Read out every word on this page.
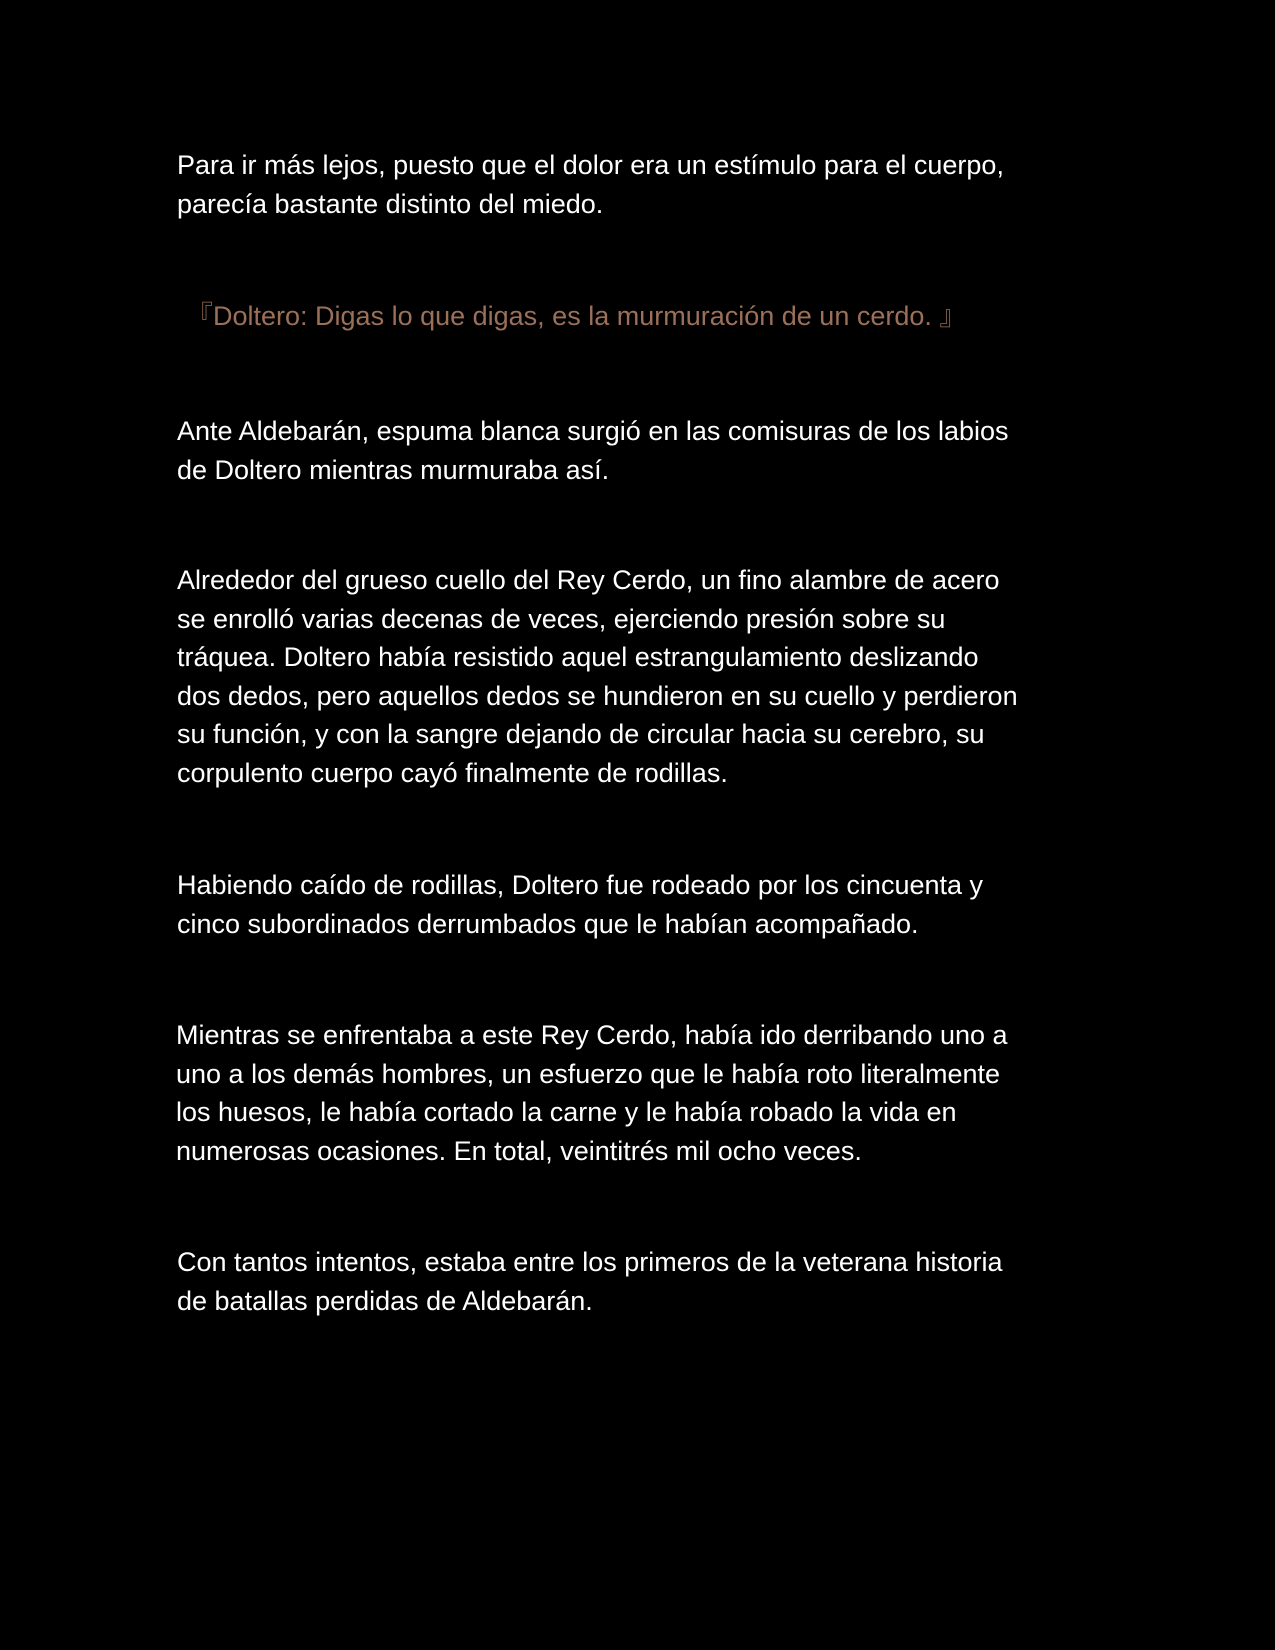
Para ir más lejos, puesto que el dolor era un estímulo para el cuerpo,
parecía bastante distinto del miedo.

『Doltero: Digas lo que digas, es la murmuración de un cerdo. 』

Ante Aldebarán, espuma blanca surgió en las comisuras de los labios
de Doltero mientras murmuraba así.

Alrededor del grueso cuello del Rey Cerdo, un fino alambre de acero
se enrolló varias decenas de veces, ejerciendo presión sobre su
tráquea. Doltero había resistido aquel estrangulamiento deslizando
dos dedos, pero aquellos dedos se hundieron en su cuello y perdieron
su función, y con la sangre dejando de circular hacia su cerebro, su
corpulento cuerpo cayó finalmente de rodillas.

Habiendo caído de rodillas, Doltero fue rodeado por los cincuenta y
cinco subordinados derrumbados que le habían acompañado.

Mientras se enfrentaba a este Rey Cerdo, había ido derribando uno a
uno a los demás hombres, un esfuerzo que le había roto literalmente
los huesos, le había cortado la carne y le había robado la vida en
numerosas ocasiones. En total, veintitrés mil ocho veces.

Con tantos intentos, estaba entre los primeros de la veterana historia
de batallas perdidas de Aldebarán.
